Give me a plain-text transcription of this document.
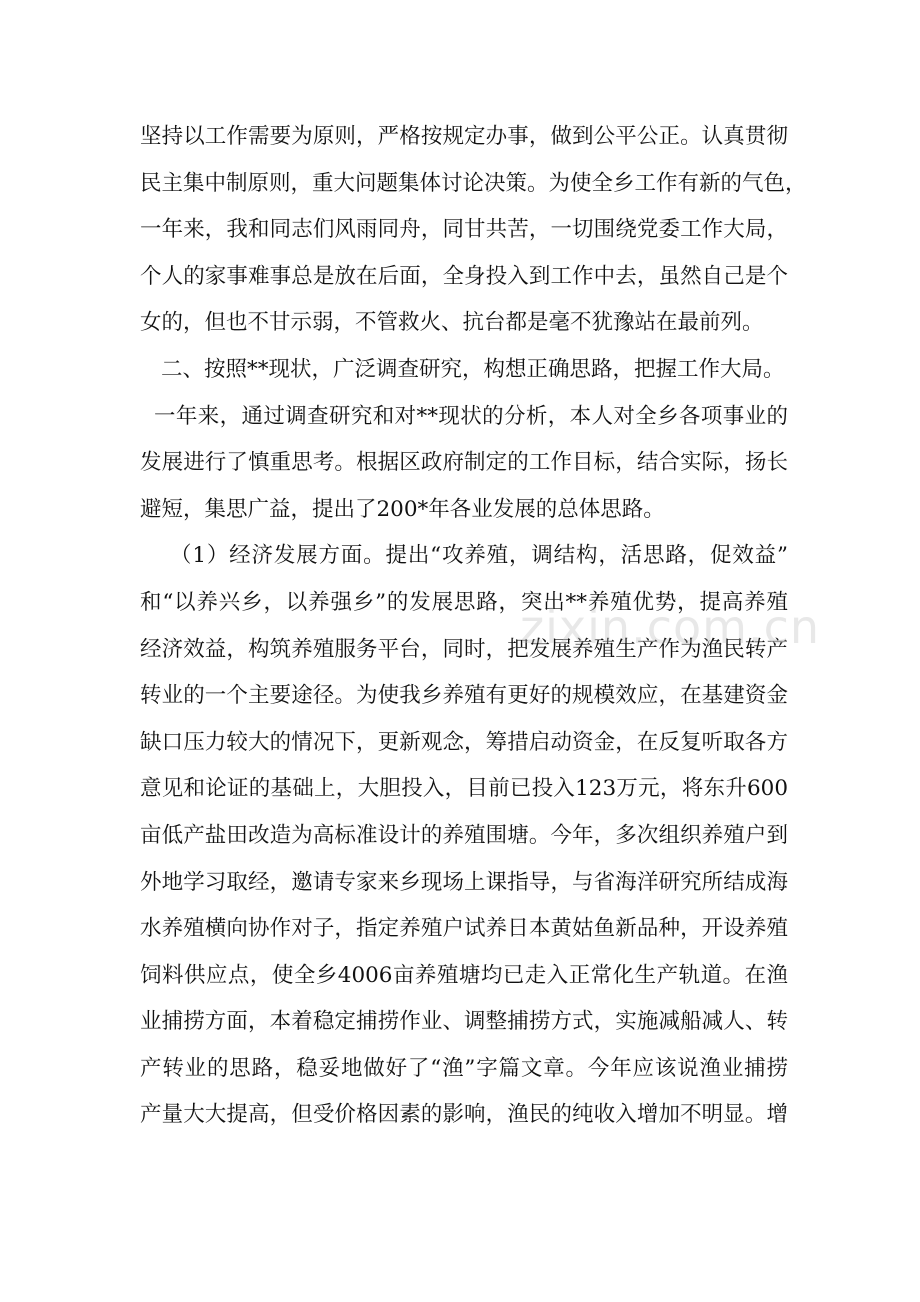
坚持以工作需要为原则，严格按规定办事，做到公平公正。认真贯彻
民主集中制原则，重大问题集体讨论决策。为使全乡工作有新的气色，
一年来，我和同志们风雨同舟，同甘共苦，一切围绕党委工作大局，
个人的家事难事总是放在后面，全身投入到工作中去，虽然自己是个
女的，但也不甘示弱，不管救火、抗台都是毫不犹豫站在最前列。
二、按照**现状，广泛调查研究，构想正确思路，把握工作大局。
一年来，通过调查研究和对**现状的分析，本人对全乡各项事业的
发展进行了慎重思考。根据区政府制定的工作目标，结合实际，扬长
避短，集思广益，提出了200*年各业发展的总体思路。
（1）经济发展方面。提出“攻养殖，调结构，活思路，促效益”
和“以养兴乡，以养强乡”的发展思路，突出**养殖优势，提高养殖
经济效益，构筑养殖服务平台，同时，把发展养殖生产作为渔民转产
转业的一个主要途径。为使我乡养殖有更好的规模效应，在基建资金
缺口压力较大的情况下，更新观念，筹措启动资金，在反复听取各方
意见和论证的基础上，大胆投入，目前已投入123万元，将东升600
亩低产盐田改造为高标准设计的养殖围塘。今年，多次组织养殖户到
外地学习取经，邀请专家来乡现场上课指导，与省海洋研究所结成海
水养殖横向协作对子，指定养殖户试养日本黄姑鱼新品种，开设养殖
饲料供应点，使全乡4006亩养殖塘均已走入正常化生产轨道。在渔
业捕捞方面，本着稳定捕捞作业、调整捕捞方式，实施减船减人、转
产转业的思路，稳妥地做好了“渔”字篇文章。今年应该说渔业捕捞
产量大大提高，但受价格因素的影响，渔民的纯收入增加不明显。增
zixin.com.cn
